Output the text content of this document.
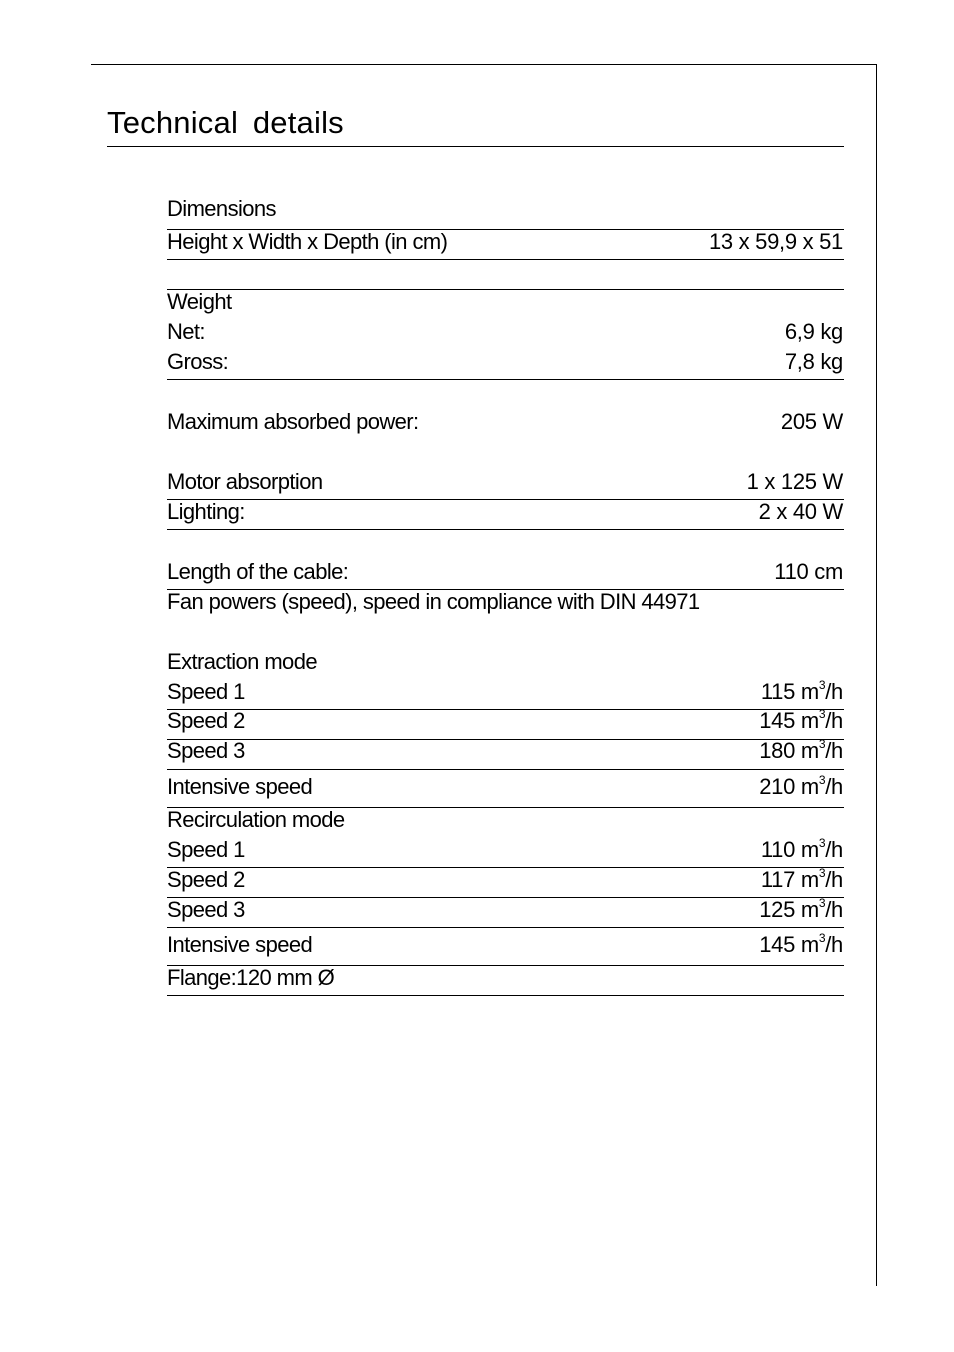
Technical details
Dimensions
Height x Width x Depth (in cm)	13 x 59,9 x 51
Weight
Net:	6,9 kg
Gross:	7,8 kg
Maximum absorbed power:	205 W
Motor absorption	1 x 125 W
Lighting:	2 x 40 W
Length of the cable:	110 cm
Fan powers (speed), speed in compliance with DIN 44971
Extraction mode
Speed 1	115 $m^3/h$
Speed 2	145 $m^3/h$
Speed 3	180 $m^3/h$
Intensive speed	210 $m^3/h$
Recirculation mode
Speed 1	110 $m^3/h$
Speed 2	117 $m^3/h$
Speed 3	125 $m^3/h$
Intensive speed	145 $m^3/h$
Flange:120 mm Ø
